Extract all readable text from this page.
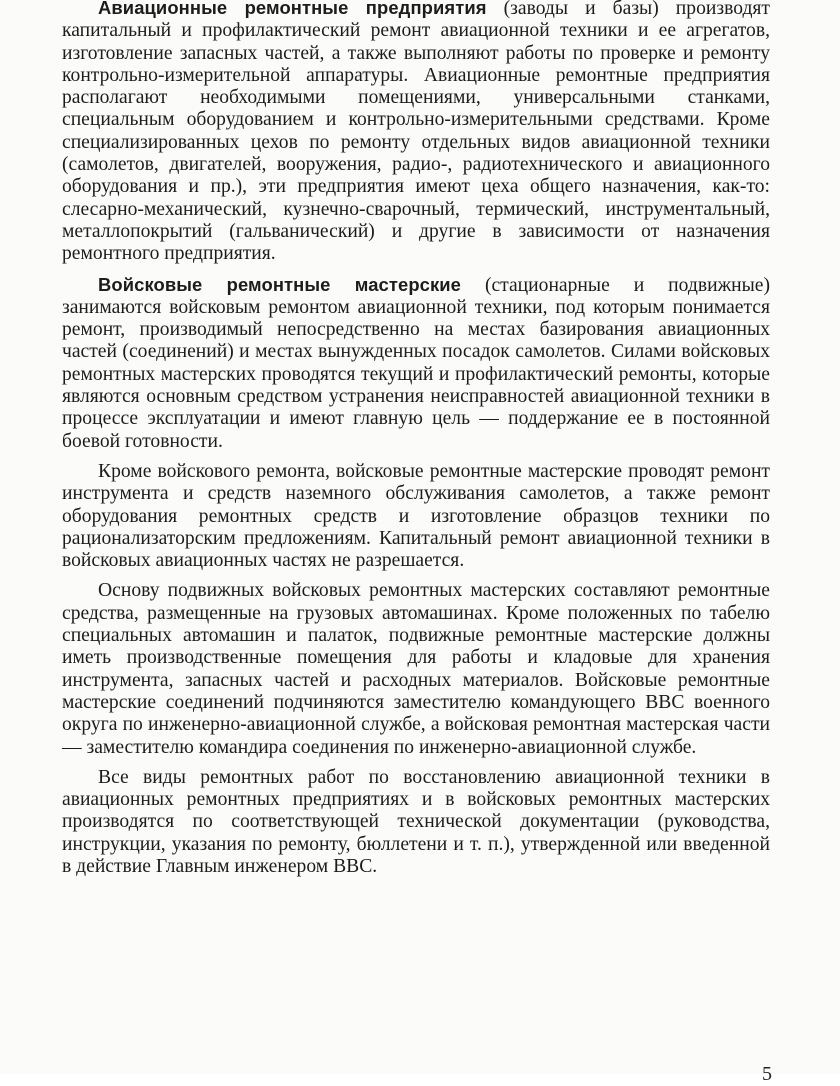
Авиационные ремонтные предприятия (заводы и базы) производят капитальный и профилактический ремонт авиационной техники и ее агрегатов, изготовление запасных частей, а также выполняют работы по проверке и ремонту контрольно-измерительной аппаратуры. Авиационные ремонтные предприятия располагают необходимыми помещениями, универсальными станками, специальным оборудованием и контрольно-измерительными средствами. Кроме специализированных цехов по ремонту отдельных видов авиационной техники (самолетов, двигателей, вооружения, радио-, радиотехнического и авиационного оборудования и пр.), эти предприятия имеют цеха общего назначения, как-то: слесарно-механический, кузнечно-сварочный, термический, инструментальный, металлопокрытий (гальванический) и другие в зависимости от назначения ремонтного предприятия.

Войсковые ремонтные мастерские (стационарные и подвижные) занимаются войсковым ремонтом авиационной техники, под которым понимается ремонт, производимый непосредственно на местах базирования авиационных частей (соединений) и местах вынужденных посадок самолетов. Силами войсковых ремонтных мастерских проводятся текущий и профилактический ремонты, которые являются основным средством устранения неисправностей авиационной техники в процессе эксплуатации и имеют главную цель — поддержание ее в постоянной боевой готовности.

Кроме войскового ремонта, войсковые ремонтные мастерские проводят ремонт инструмента и средств наземного обслуживания самолетов, а также ремонт оборудования ремонтных средств и изготовление образцов техники по рационализаторским предложениям. Капитальный ремонт авиационной техники в войсковых авиационных частях не разрешается.

Основу подвижных войсковых ремонтных мастерских составляют ремонтные средства, размещенные на грузовых автомашинах. Кроме положенных по табелю специальных автомашин и палаток, подвижные ремонтные мастерские должны иметь производственные помещения для работы и кладовые для хранения инструмента, запасных частей и расходных материалов. Войсковые ремонтные мастерские соединений подчиняются заместителю командующего ВВС военного округа по инженерно-авиационной службе, а войсковая ремонтная мастерская части — заместителю командира соединения по инженерно-авиационной службе.

Все виды ремонтных работ по восстановлению авиационной техники в авиационных ремонтных предприятиях и в войсковых ремонтных мастерских производятся по соответствующей технической документации (руководства, инструкции, указания по ремонту, бюллетени и т. п.), утвержденной или введенной в действие Главным инженером ВВС.

5
